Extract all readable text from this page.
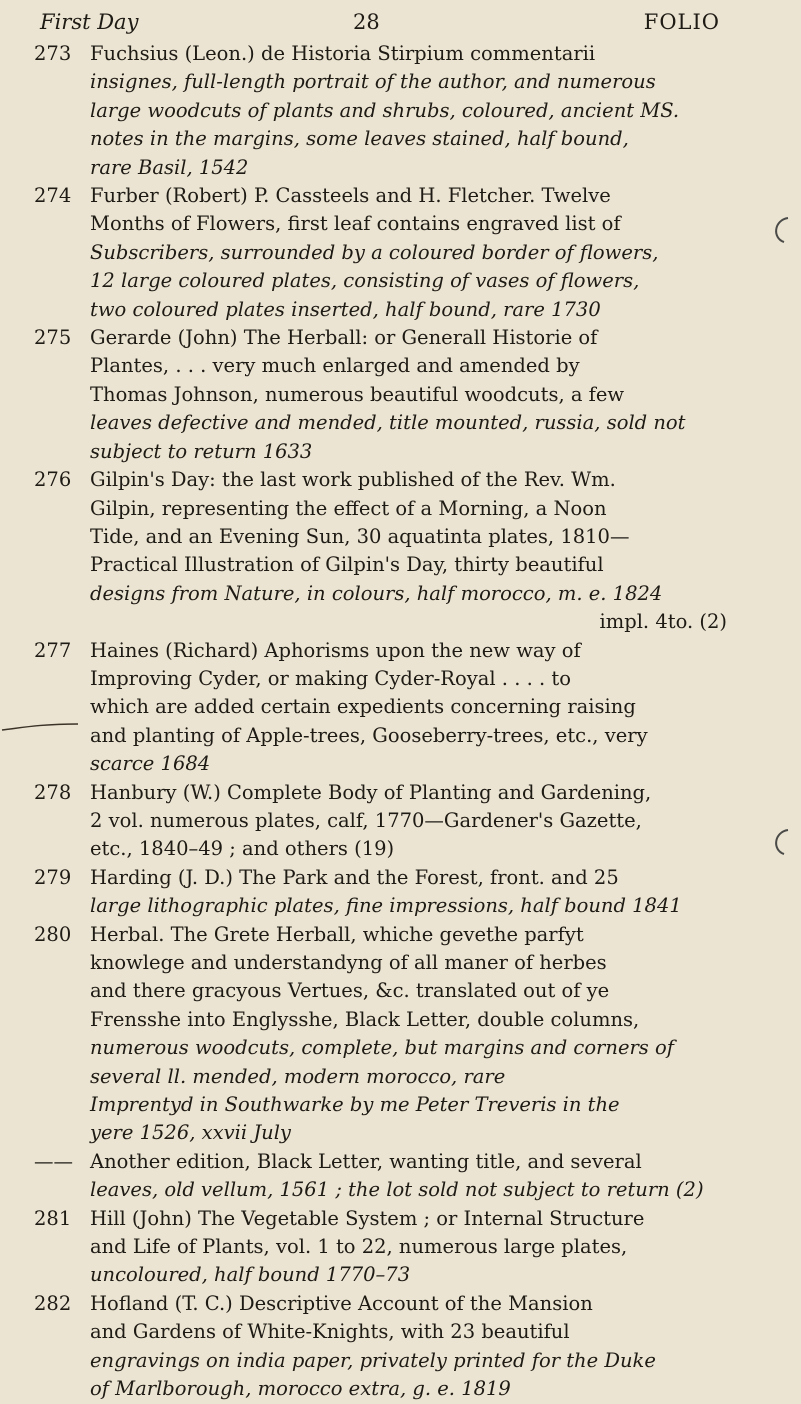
First Day	28	FOLIO
273 Fuchsius (Leon.) de Historia Stirpium commentarii
insignes, full-length portrait of the author, and numerous
large woodcuts of plants and shrubs, coloured, ancient MS.
notes in the margins, some leaves stained, half bound,
rare Basil, 1542
274 Furber (Robert) P. Cassteels and H. Fletcher. Twelve
Months of Flowers, first leaf contains engraved list of
Subscribers, surrounded by a coloured border of flowers,
12 large coloured plates, consisting of vases of flowers,
two coloured plates inserted, half bound, rare 1730
275 Gerarde (John) The Herball: or Generall Historie of
Plantes, . . . very much enlarged and amended by
Thomas Johnson, numerous beautiful woodcuts, a few
leaves defective and mended, title mounted, russia, sold not
subject to return 1633
276 Gilpin's Day: the last work published of the Rev. Wm.
Gilpin, representing the effect of a Morning, a Noon
Tide, and an Evening Sun, 30 aquatinta plates, 1810—
Practical Illustration of Gilpin's Day, thirty beautiful
designs from Nature, in colours, half morocco, m. e. 1824
impl. 4to. (2)
277 Haines (Richard) Aphorisms upon the new way of
Improving Cyder, or making Cyder-Royal . . . . to
which are added certain expedients concerning raising
and planting of Apple-trees, Gooseberry-trees, etc., very
scarce 1684
278 Hanbury (W.) Complete Body of Planting and Gardening,
2 vol. numerous plates, calf, 1770—Gardener's Gazette,
etc., 1840–49 ; and others (19)
279 Harding (J. D.) The Park and the Forest, front. and 25
large lithographic plates, fine impressions, half bound 1841
280 Herbal. The Grete Herball, whiche gevethe parfyt
knowlege and understandyng of all maner of herbes
and there gracyous Vertues, &c. translated out of ye
Frensshe into Englysshe, Black Letter, double columns,
numerous woodcuts, complete, but margins and corners of
several ll. mended, modern morocco, rare
Imprentyd in Southwarke by me Peter Treveris in the
yere 1526, xxvii July
—— Another edition, Black Letter, wanting title, and several
leaves, old vellum, 1561 ; the lot sold not subject to return (2)
281 Hill (John) The Vegetable System ; or Internal Structure
and Life of Plants, vol. 1 to 22, numerous large plates,
uncoloured, half bound 1770–73
282 Hofland (T. C.) Descriptive Account of the Mansion
and Gardens of White-Knights, with 23 beautiful
engravings on india paper, privately printed for the Duke
of Marlborough, morocco extra, g. e. 1819
